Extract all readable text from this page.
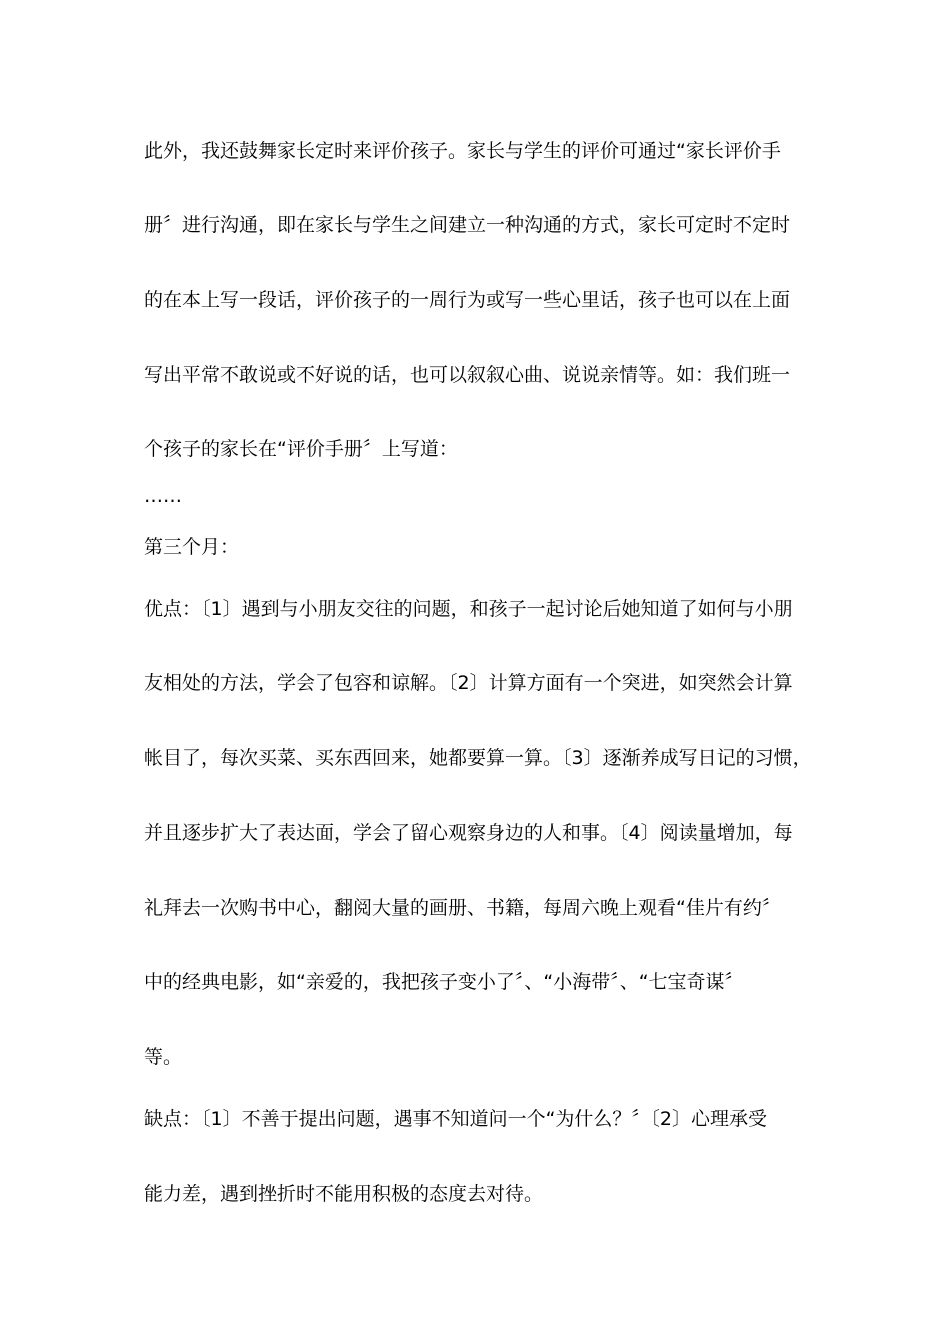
此外，我还鼓舞家长定时来评价孩子。家长与学生的评价可通过“家长评价手
册〞进行沟通，即在家长与学生之间建立一种沟通的方式，家长可定时不定时
的在本上写一段话，评价孩子的一周行为或写一些心里话，孩子也可以在上面
写出平常不敢说或不好说的话，也可以叙叙心曲、说说亲情等。如：我们班一
个孩子的家长在“评价手册〞上写道：
……
第三个月：
优点：〔1〕遇到与小朋友交往的问题，和孩子一起讨论后她知道了如何与小朋
友相处的方法，学会了包容和谅解。〔2〕计算方面有一个突进，如突然会计算
帐目了，每次买菜、买东西回来，她都要算一算。〔3〕逐渐养成写日记的习惯，
并且逐步扩大了表达面，学会了留心观察身边的人和事。〔4〕阅读量增加，每
礼拜去一次购书中心，翻阅大量的画册、书籍，每周六晚上观看“佳片有约〞
中的经典电影，如“亲爱的，我把孩子变小了〞、“小海带〞、“七宝奇谋〞
等。
缺点：〔1〕不善于提出问题，遇事不知道问一个“为什么？〞〔2〕心理承受
能力差，遇到挫折时不能用积极的态度去对待。
